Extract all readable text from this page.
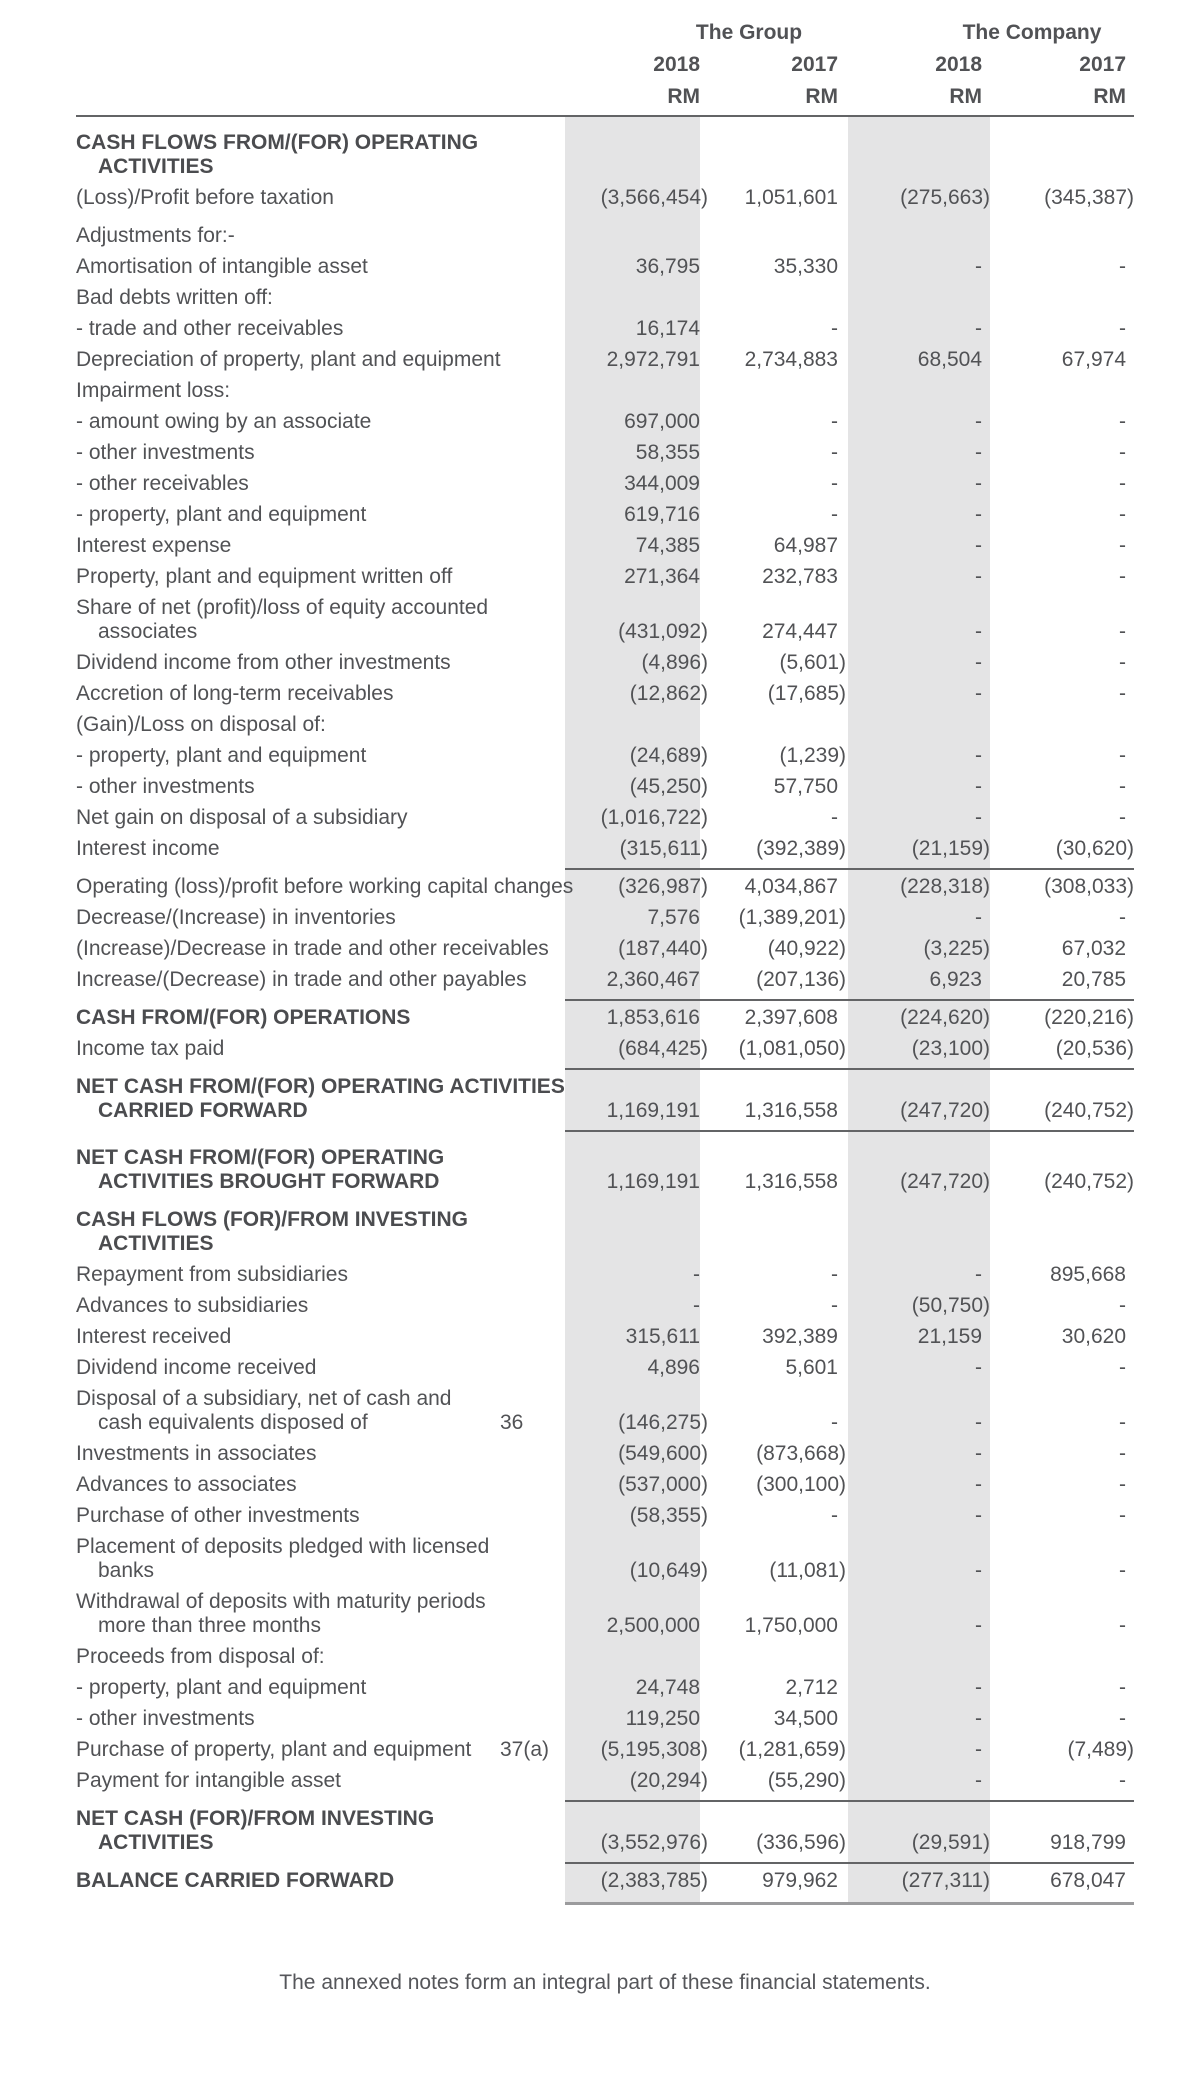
The Group	The Company
2018	2017	2018	2017
RM	RM	RM	RM
CASH FLOWS FROM/(FOR) OPERATING
ACTIVITIES
(Loss)/Profit before taxation	(3,566,454)	1,051,601	(275,663)	(345,387)
Adjustments for:-
Amortisation of intangible asset	36,795	35,330	-	-
Bad debts written off:
- trade and other receivables	16,174	-	-	-
Depreciation of property, plant and equipment	2,972,791	2,734,883	68,504	67,974
Impairment loss:
- amount owing by an associate	697,000	-	-	-
- other investments	58,355	-	-	-
- other receivables	344,009	-	-	-
- property, plant and equipment	619,716	-	-	-
Interest expense	74,385	64,987	-	-
Property, plant and equipment written off	271,364	232,783	-	-
Share of net (profit)/loss of equity accounted
associates	(431,092)	274,447	-	-
Dividend income from other investments	(4,896)	(5,601)	-	-
Accretion of long-term receivables	(12,862)	(17,685)	-	-
(Gain)/Loss on disposal of:
- property, plant and equipment	(24,689)	(1,239)	-	-
- other investments	(45,250)	57,750	-	-
Net gain on disposal of a subsidiary	(1,016,722)	-	-	-
Interest income	(315,611)	(392,389)	(21,159)	(30,620)
Operating (loss)/profit before working capital changes	(326,987)	4,034,867	(228,318)	(308,033)
Decrease/(Increase) in inventories	7,576	(1,389,201)	-	-
(Increase)/Decrease in trade and other receivables	(187,440)	(40,922)	(3,225)	67,032
Increase/(Decrease) in trade and other payables	2,360,467	(207,136)	6,923	20,785
CASH FROM/(FOR) OPERATIONS	1,853,616	2,397,608	(224,620)	(220,216)
Income tax paid	(684,425)	(1,081,050)	(23,100)	(20,536)
NET CASH FROM/(FOR) OPERATING ACTIVITIES
CARRIED FORWARD	1,169,191	1,316,558	(247,720)	(240,752)
NET CASH FROM/(FOR) OPERATING
ACTIVITIES BROUGHT FORWARD	1,169,191	1,316,558	(247,720)	(240,752)
CASH FLOWS (FOR)/FROM INVESTING
ACTIVITIES
Repayment from subsidiaries	-	-	-	895,668
Advances to subsidiaries	-	-	(50,750)	-
Interest received	315,611	392,389	21,159	30,620
Dividend income received	4,896	5,601	-	-
Disposal of a subsidiary, net of cash and
cash equivalents disposed of	36	(146,275)	-	-	-
Investments in associates	(549,600)	(873,668)	-	-
Advances to associates	(537,000)	(300,100)	-	-
Purchase of other investments	(58,355)	-	-	-
Placement of deposits pledged with licensed
banks	(10,649)	(11,081)	-	-
Withdrawal of deposits with maturity periods
more than three months	2,500,000	1,750,000	-	-
Proceeds from disposal of:
- property, plant and equipment	24,748	2,712	-	-
- other investments	119,250	34,500	-	-
Purchase of property, plant and equipment	37(a)	(5,195,308)	(1,281,659)	-	(7,489)
Payment for intangible asset	(20,294)	(55,290)	-	-
NET CASH (FOR)/FROM INVESTING
ACTIVITIES	(3,552,976)	(336,596)	(29,591)	918,799
BALANCE CARRIED FORWARD	(2,383,785)	979,962	(277,311)	678,047
The annexed notes form an integral part of these financial statements.
